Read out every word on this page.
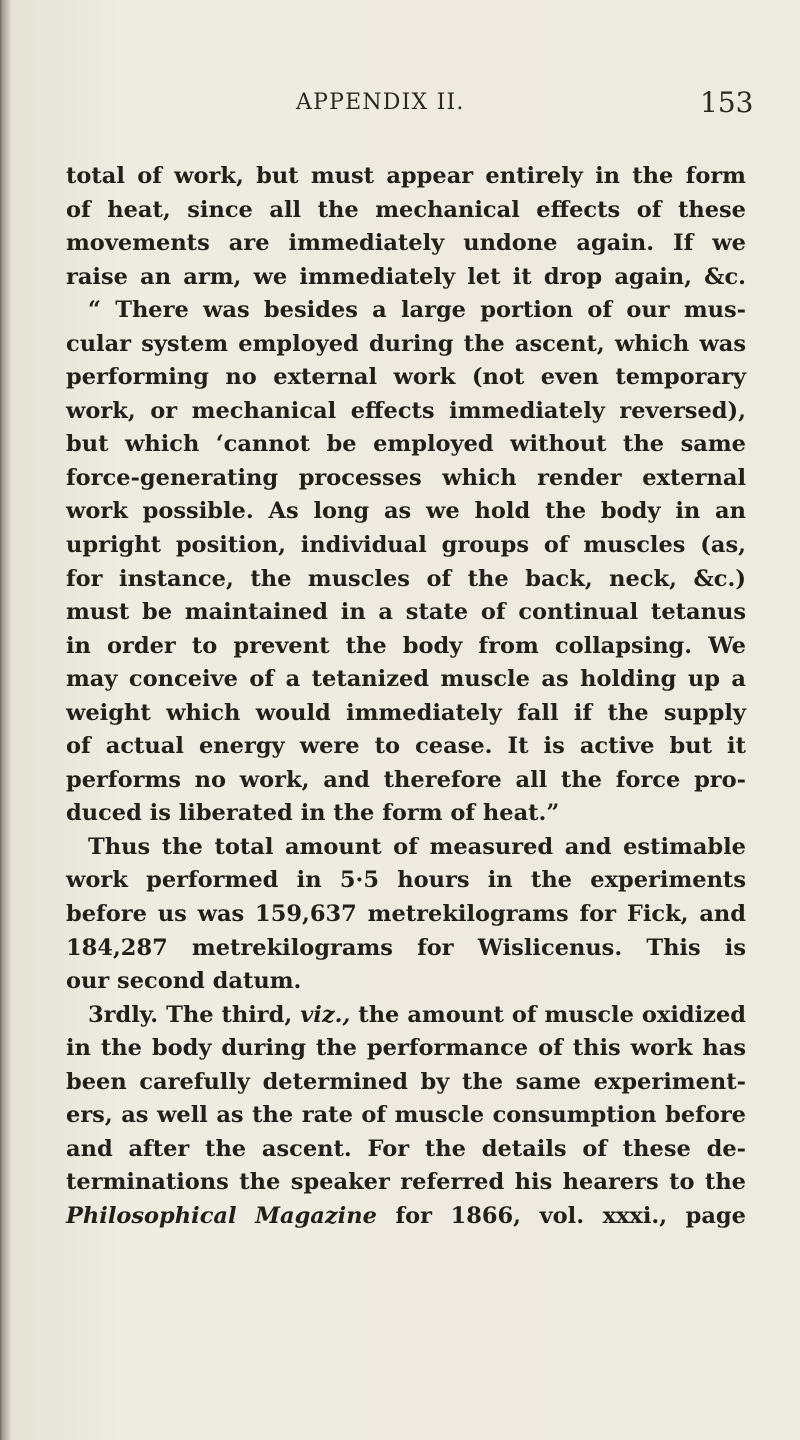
APPENDIX II.	153
total of work, but must appear entirely in the form
of heat, since all the mechanical effects of these
movements are immediately undone again. If we
raise an arm, we immediately let it drop again, &c.
“ There was besides a large portion of our mus-
cular system employed during the ascent, which was
performing no external work (not even temporary
work, or mechanical effects immediately reversed),
but which ‘cannot be employed without the same
force-generating processes which render external
work possible. As long as we hold the body in an
upright position, individual groups of muscles (as,
for instance, the muscles of the back, neck, &c.)
must be maintained in a state of continual tetanus
in order to prevent the body from collapsing. We
may conceive of a tetanized muscle as holding up a
weight which would immediately fall if the supply
of actual energy were to cease. It is active but it
performs no work, and therefore all the force pro-
duced is liberated in the form of heat.”
Thus the total amount of measured and estimable
work performed in 5·5 hours in the experiments
before us was 159,637 metrekilograms for Fick, and
184,287 metrekilograms for Wislicenus. This is
our second datum.
3rdly. The third, viz., the amount of muscle oxidized
in the body during the performance of this work has
been carefully determined by the same experiment-
ers, as well as the rate of muscle consumption before
and after the ascent. For the details of these de-
terminations the speaker referred his hearers to the
Philosophical Magazine for 1866, vol. xxxi., page
